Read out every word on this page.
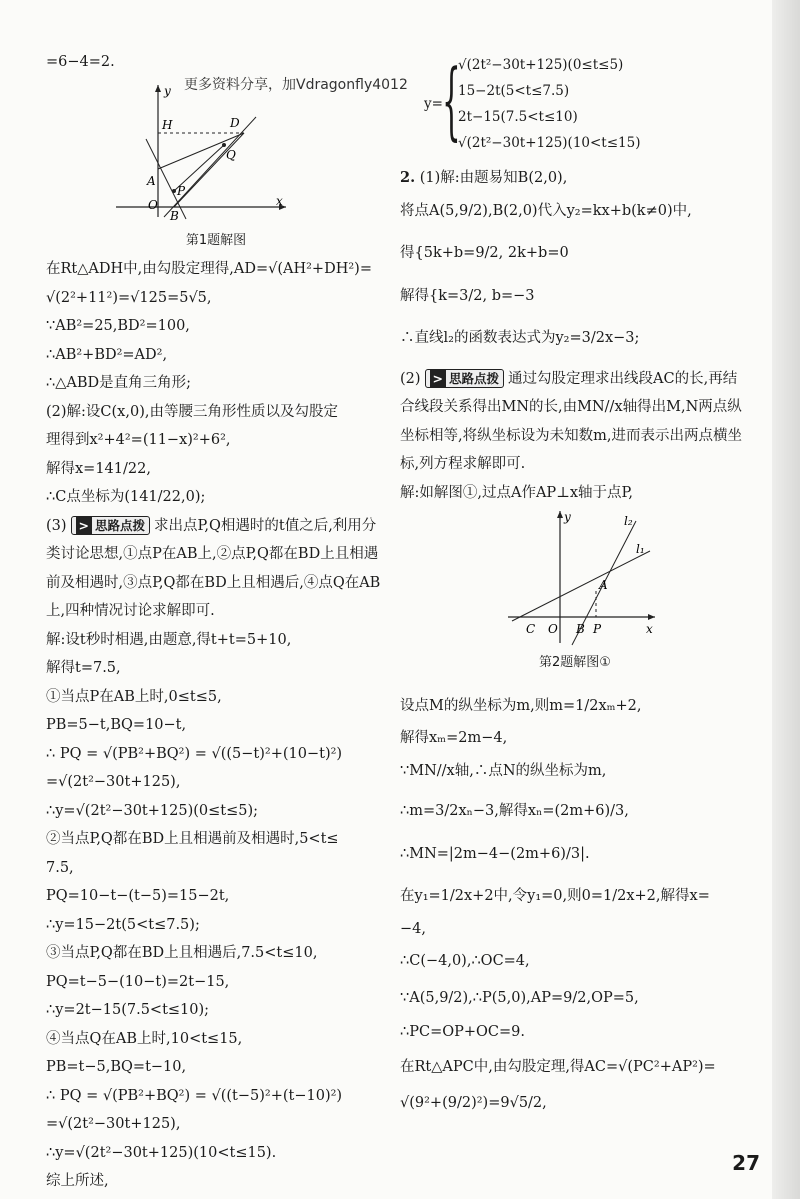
更多资料分享，加Vdragonfly4012
=6−4=2.
y
H	D
A
Q
P
O
B
x
第1题解图
在Rt△ADH中,由勾股定理得,AD=√(AH²+DH²)=
√(2²+11²)=√125=5√5,
∵AB²=25,BD²=100,
∴AB²+BD²=AD²,
∴△ABD是直角三角形;
(2)解:设C(x,0),由等腰三角形性质以及勾股定
理得到x²+4²=(11−x)²+6²,
解得x=141/22,
∴C点坐标为(141/22,0);
(3) > 思路点拨 求出点P,Q相遇时的t值之后,利用分类讨论思想,①点P在AB上,②点P,Q都在BD上且相遇前及相遇时,③点P,Q都在BD上且相遇后,④点Q在AB上,四种情况讨论求解即可.
解:设t秒时相遇,由题意,得t+t=5+10,
解得t=7.5,
①当点P在AB上时,0≤t≤5,
PB=5−t,BQ=10−t,
∴ PQ = √(PB²+BQ²) = √((5−t)²+(10−t)²)
=√(2t²−30t+125),
∴y=√(2t²−30t+125)(0≤t≤5);
②当点P,Q都在BD上且相遇前及相遇时,5<t≤
7.5,
PQ=10−t−(t−5)=15−2t,
∴y=15−2t(5<t≤7.5);
③当点P,Q都在BD上且相遇后,7.5<t≤10,
PQ=t−5−(10−t)=2t−15,
∴y=2t−15(7.5<t≤10);
④当点Q在AB上时,10<t≤15,
PB=t−5,BQ=t−10,
∴ PQ = √(PB²+BQ²) = √((t−5)²+(t−10)²)
=√(2t²−30t+125),
∴y=√(2t²−30t+125)(10<t≤15).
综上所述,
y= {
√(2t²−30t+125)(0≤t≤5)
15−2t(5<t≤7.5)
2t−15(7.5<t≤10)
√(2t²−30t+125)(10<t≤15)
2. (1)解:由题易知B(2,0),
将点A(5,9/2),B(2,0)代入y₂=kx+b(k≠0)中,
得{5k+b=9/2, 2k+b=0
解得{k=3/2, b=−3
∴直线l₂的函数表达式为y₂=3/2x−3;
(2) > 思路点拨 通过勾股定理求出线段AC的长,再结合线段关系得出MN的长,由MN//x轴得出M,N两点纵坐标相等,将纵坐标设为未知数m,进而表示出两点横坐标,列方程求解即可.
解:如解图①,过点A作AP⊥x轴于点P,
y	l₂
l₁
A
C O B P	x
第2题解图①
设点M的纵坐标为m,则m=1/2xₘ+2,
解得xₘ=2m−4,
∵MN//x轴,∴点N的纵坐标为m,
∴m=3/2xₙ−3,解得xₙ=(2m+6)/3,
∴MN=|2m−4−(2m+6)/3|.
在y₁=1/2x+2中,令y₁=0,则0=1/2x+2,解得x=
−4,
∴C(−4,0),∴OC=4,
∵A(5,9/2),∴P(5,0),AP=9/2,OP=5,
∴PC=OP+OC=9.
在Rt△APC中,由勾股定理,得AC=√(PC²+AP²)=
√(9²+(9/2)²)=9√5/2,
27
